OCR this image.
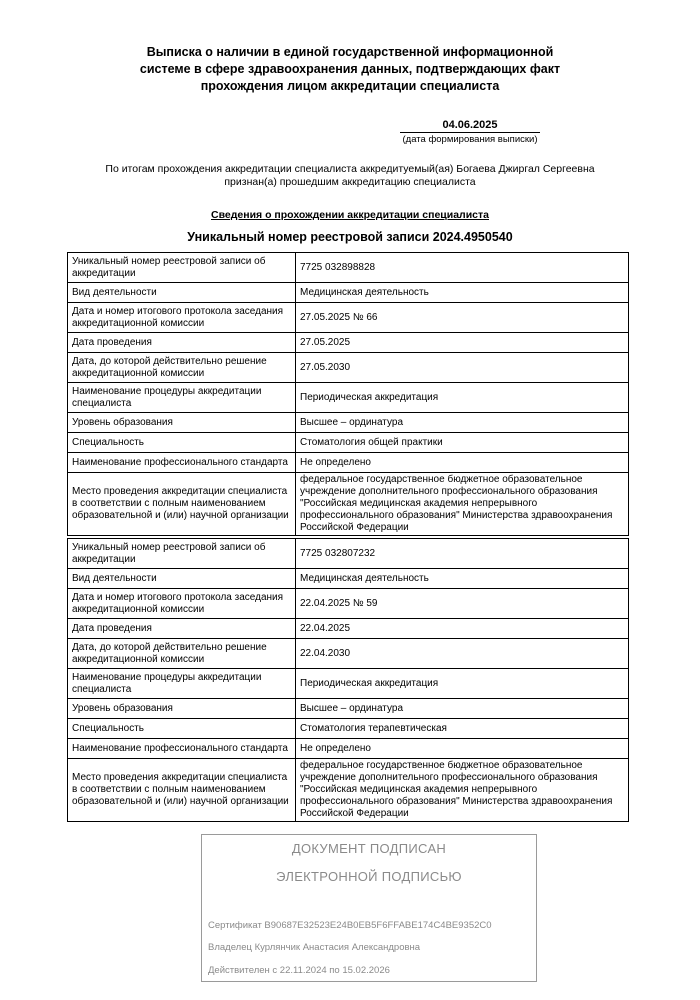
Выписка о наличии в единой государственной информационной
системе в сфере здравоохранения данных, подтверждающих факт
прохождения лицом аккредитации специалиста
04.06.2025
(дата формирования выписки)
По итогам прохождения аккредитации специалиста аккредитуемый(ая) Богаева Джиргал Сергеевна
признан(а) прошедшим аккредитацию специалиста
Сведения о прохождении аккредитации специалиста
Уникальный номер реестровой записи 2024.4950540
Уникальный номер реестровой записи об аккредитации	7725 032898828
Вид деятельности	Медицинская деятельность
Дата и номер итогового протокола заседания аккредитационной комиссии	27.05.2025 № 66
Дата проведения	27.05.2025
Дата, до которой действительно решение аккредитационной комиссии	27.05.2030
Наименование процедуры аккредитации специалиста	Периодическая аккредитация
Уровень образования	Высшее – ординатура
Специальность	Стоматология общей практики
Наименование профессионального стандарта	Не определено
Место проведения аккредитации специалиста в соответствии с полным наименованием образовательной и (или) научной организации	федеральное государственное бюджетное образовательное учреждение дополнительного профессионального образования "Российская медицинская академия непрерывного профессионального образования" Министерства здравоохранения Российской Федерации
Уникальный номер реестровой записи об аккредитации	7725 032807232
Вид деятельности	Медицинская деятельность
Дата и номер итогового протокола заседания аккредитационной комиссии	22.04.2025 № 59
Дата проведения	22.04.2025
Дата, до которой действительно решение аккредитационной комиссии	22.04.2030
Наименование процедуры аккредитации специалиста	Периодическая аккредитация
Уровень образования	Высшее – ординатура
Специальность	Стоматология терапевтическая
Наименование профессионального стандарта	Не определено
Место проведения аккредитации специалиста в соответствии с полным наименованием образовательной и (или) научной организации	федеральное государственное бюджетное образовательное учреждение дополнительного профессионального образования "Российская медицинская академия непрерывного профессионального образования" Министерства здравоохранения Российской Федерации
ДОКУМЕНТ ПОДПИСАН
ЭЛЕКТРОННОЙ ПОДПИСЬЮ
Сертификат B90687E32523E24B0EB5F6FFABE174C4BE9352C0
Владелец Курлянчик Анастасия Александровна
Действителен с 22.11.2024 по 15.02.2026
